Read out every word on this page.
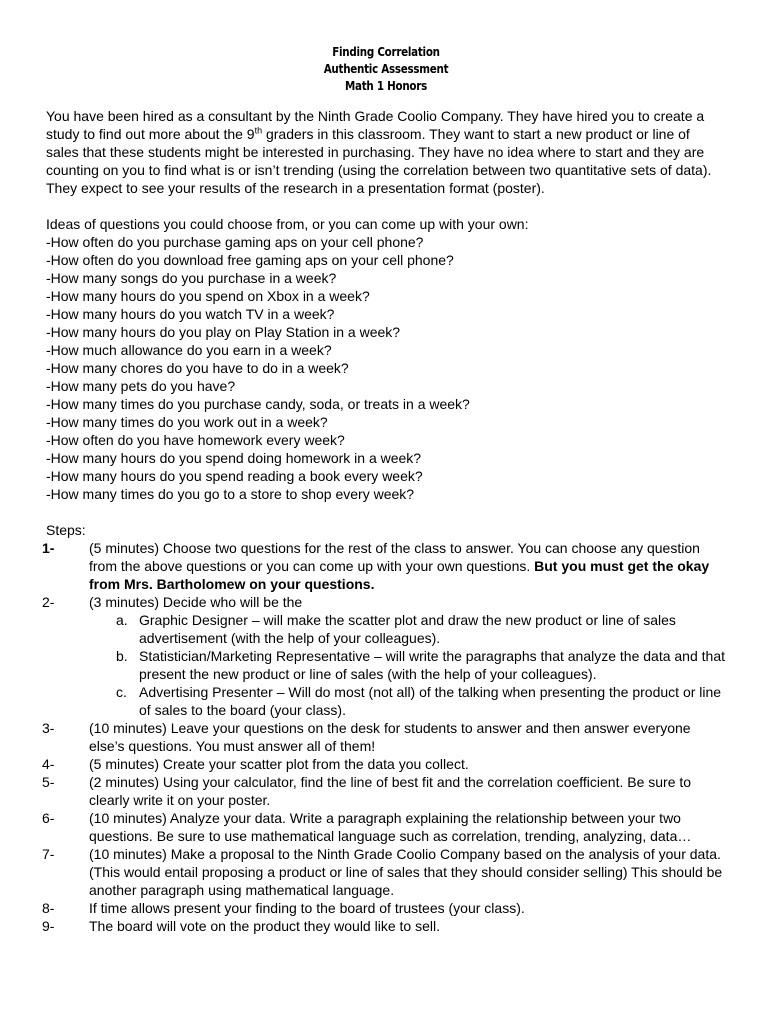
Finding Correlation
Authentic Assessment
Math 1 Honors
You have been hired as a consultant by the Ninth Grade Coolio Company. They have hired you to create a study to find out more about the 9th graders in this classroom. They want to start a new product or line of sales that these students might be interested in purchasing. They have no idea where to start and they are counting on you to find what is or isn’t trending (using the correlation between two quantitative sets of data). They expect to see your results of the research in a presentation format (poster).
Ideas of questions you could choose from, or you can come up with your own:
-How often do you purchase gaming aps on your cell phone?
-How often do you download free gaming aps on your cell phone?
-How many songs do you purchase in a week?
-How many hours do you spend on Xbox in a week?
-How many hours do you watch TV in a week?
-How many hours do you play on Play Station in a week?
-How much allowance do you earn in a week?
-How many chores do you have to do in a week?
-How many pets do you have?
-How many times do you purchase candy, soda, or treats in a week?
-How many times do you work out in a week?
-How often do you have homework every week?
-How many hours do you spend doing homework in a week?
-How many hours do you spend reading a book every week?
-How many times do you go to a store to shop every week?
Steps:
1-	(5 minutes) Choose two questions for the rest of the class to answer. You can choose any question from the above questions or you can come up with your own questions. But you must get the okay from Mrs. Bartholomew on your questions.
2-	(3 minutes) Decide who will be the
a. Graphic Designer – will make the scatter plot and draw the new product or line of sales advertisement (with the help of your colleagues).
b. Statistician/Marketing Representative – will write the paragraphs that analyze the data and that present the new product or line of sales (with the help of your colleagues).
c. Advertising Presenter – Will do most (not all) of the talking when presenting the product or line of sales to the board (your class).
3-	(10 minutes) Leave your questions on the desk for students to answer and then answer everyone else’s questions. You must answer all of them!
4-	(5 minutes) Create your scatter plot from the data you collect.
5-	(2 minutes) Using your calculator, find the line of best fit and the correlation coefficient. Be sure to clearly write it on your poster.
6-	(10 minutes) Analyze your data. Write a paragraph explaining the relationship between your two questions. Be sure to use mathematical language such as correlation, trending, analyzing, data…
7-	(10 minutes) Make a proposal to the Ninth Grade Coolio Company based on the analysis of your data. (This would entail proposing a product or line of sales that they should consider selling) This should be another paragraph using mathematical language.
8-	If time allows present your finding to the board of trustees (your class).
9-	The board will vote on the product they would like to sell.
